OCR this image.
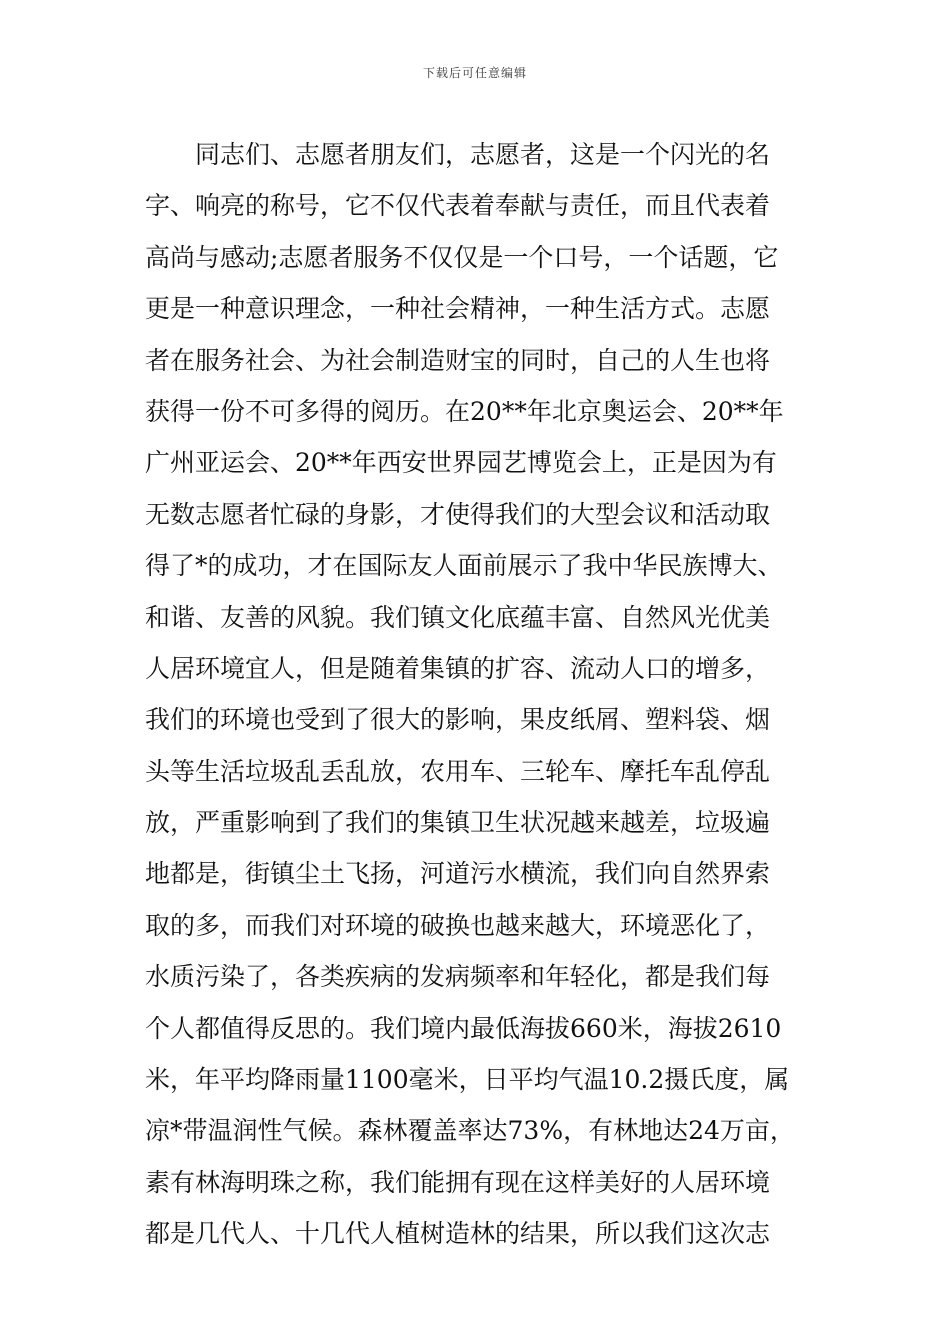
下载后可任意编辑
同志们、志愿者朋友们，志愿者，这是一个闪光的名
字、响亮的称号，它不仅代表着奉献与责任，而且代表着
高尚与感动;志愿者服务不仅仅是一个口号，一个话题，它
更是一种意识理念，一种社会精神，一种生活方式。志愿
者在服务社会、为社会制造财宝的同时，自己的人生也将
获得一份不可多得的阅历。在20**年北京奥运会、20**年
广州亚运会、20**年西安世界园艺博览会上，正是因为有
无数志愿者忙碌的身影，才使得我们的大型会议和活动取
得了*的成功，才在国际友人面前展示了我中华民族博大、
和谐、友善的风貌。我们镇文化底蕴丰富、自然风光优美
人居环境宜人，但是随着集镇的扩容、流动人口的增多，
我们的环境也受到了很大的影响，果皮纸屑、塑料袋、烟
头等生活垃圾乱丢乱放，农用车、三轮车、摩托车乱停乱
放，严重影响到了我们的集镇卫生状况越来越差，垃圾遍
地都是，街镇尘土飞扬，河道污水横流，我们向自然界索
取的多，而我们对环境的破换也越来越大，环境恶化了，
水质污染了，各类疾病的发病频率和年轻化，都是我们每
个人都值得反思的。我们境内最低海拔660米，海拔2610
米，年平均降雨量1100毫米，日平均气温10.2摄氏度，属
凉*带温润性气候。森林覆盖率达73%，有林地达24万亩，
素有林海明珠之称，我们能拥有现在这样美好的人居环境
都是几代人、十几代人植树造林的结果，所以我们这次志
